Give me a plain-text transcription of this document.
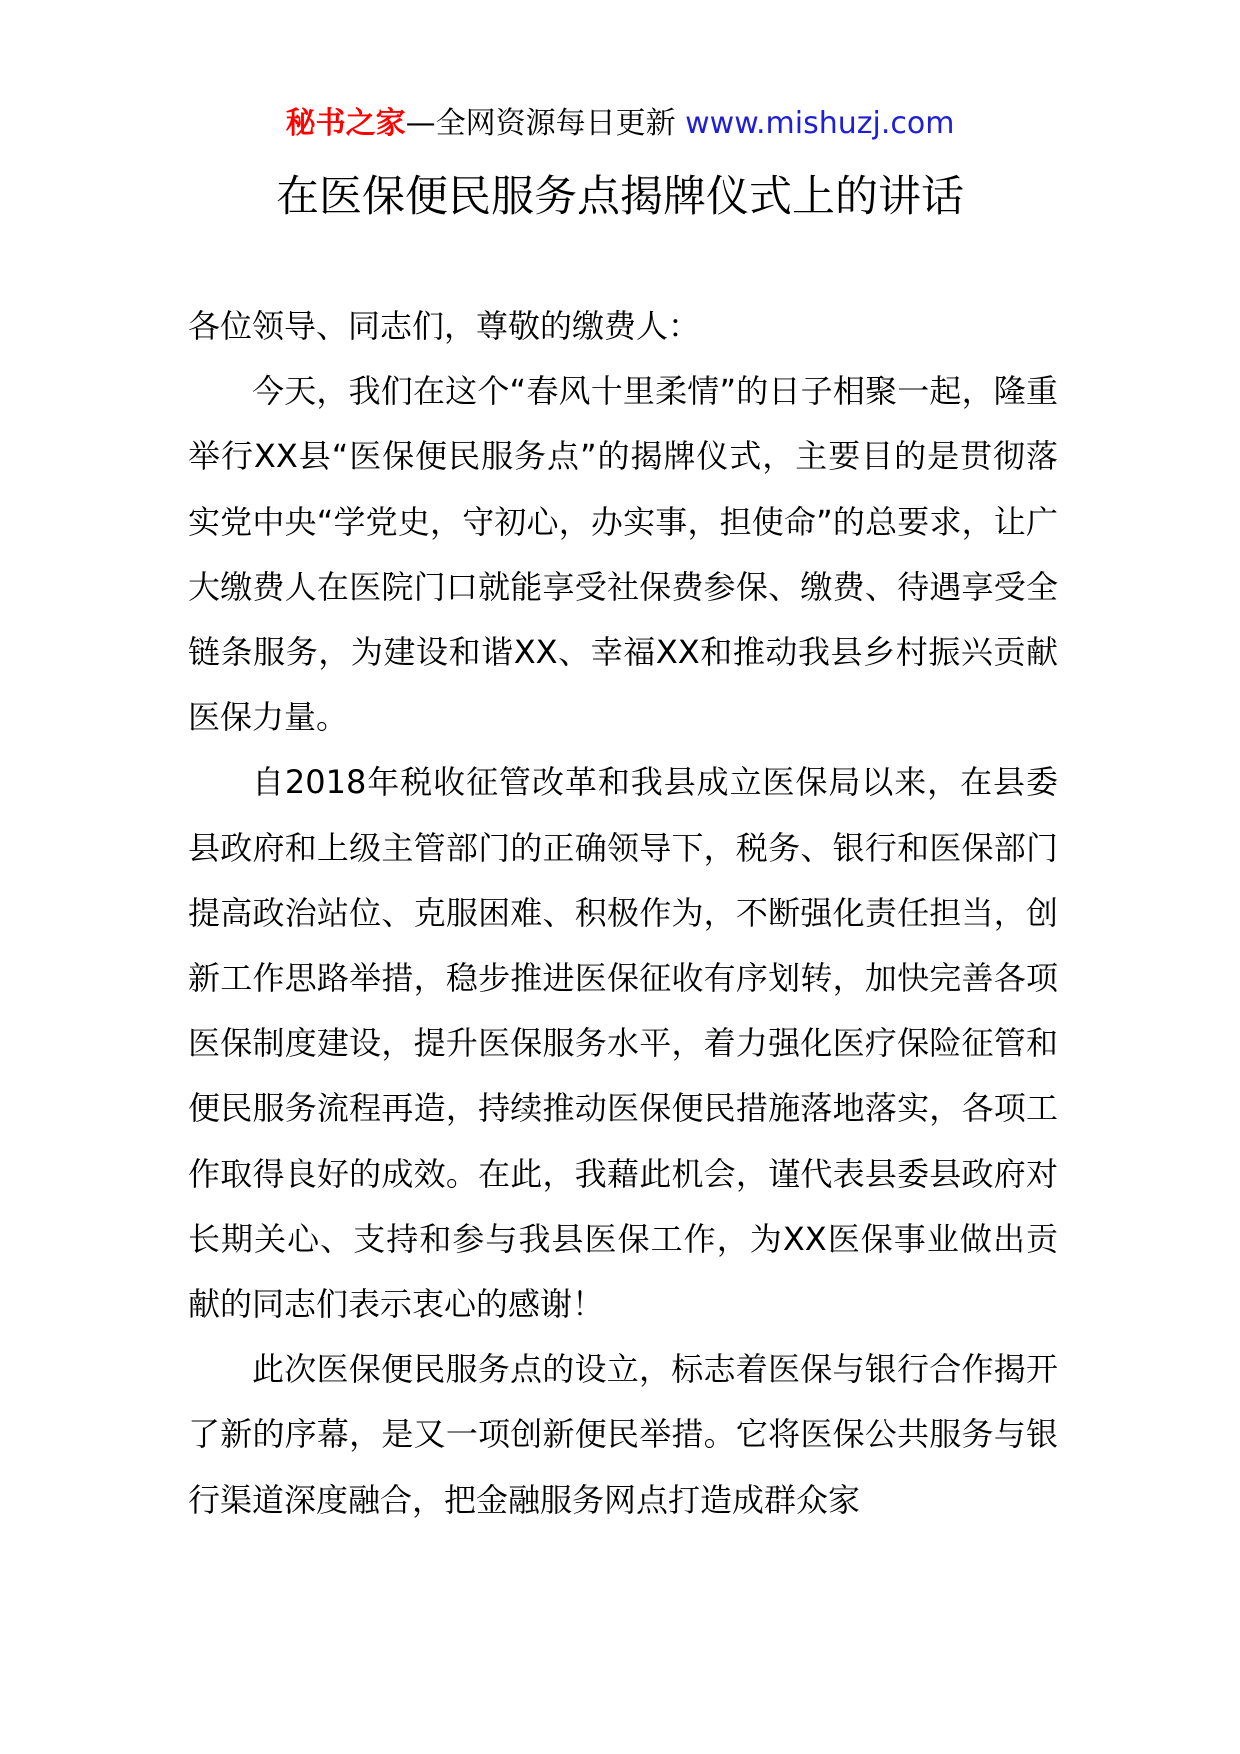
秘书之家—全网资源每日更新 www.mishuzj.com
在医保便民服务点揭牌仪式上的讲话

各位领导、同志们，尊敬的缴费人：

今天，我们在这个“春风十里柔情”的日子相聚一起，隆重举行XX县“医保便民服务点”的揭牌仪式，主要目的是贯彻落实党中央“学党史，守初心，办实事，担使命”的总要求，让广大缴费人在医院门口就能享受社保费参保、缴费、待遇享受全链条服务，为建设和谐XX、幸福XX和推动我县乡村振兴贡献医保力量。

自2018年税收征管改革和我县成立医保局以来，在县委县政府和上级主管部门的正确领导下，税务、银行和医保部门提高政治站位、克服困难、积极作为，不断强化责任担当，创新工作思路举措，稳步推进医保征收有序划转，加快完善各项医保制度建设，提升医保服务水平，着力强化医疗保险征管和便民服务流程再造，持续推动医保便民措施落地落实，各项工作取得良好的成效。在此，我藉此机会，谨代表县委县政府对长期关心、支持和参与我县医保工作，为XX医保事业做出贡献的同志们表示衷心的感谢！

此次医保便民服务点的设立，标志着医保与银行合作揭开了新的序幕，是又一项创新便民举措。它将医保公共服务与银行渠道深度融合，把金融服务网点打造成群众家
